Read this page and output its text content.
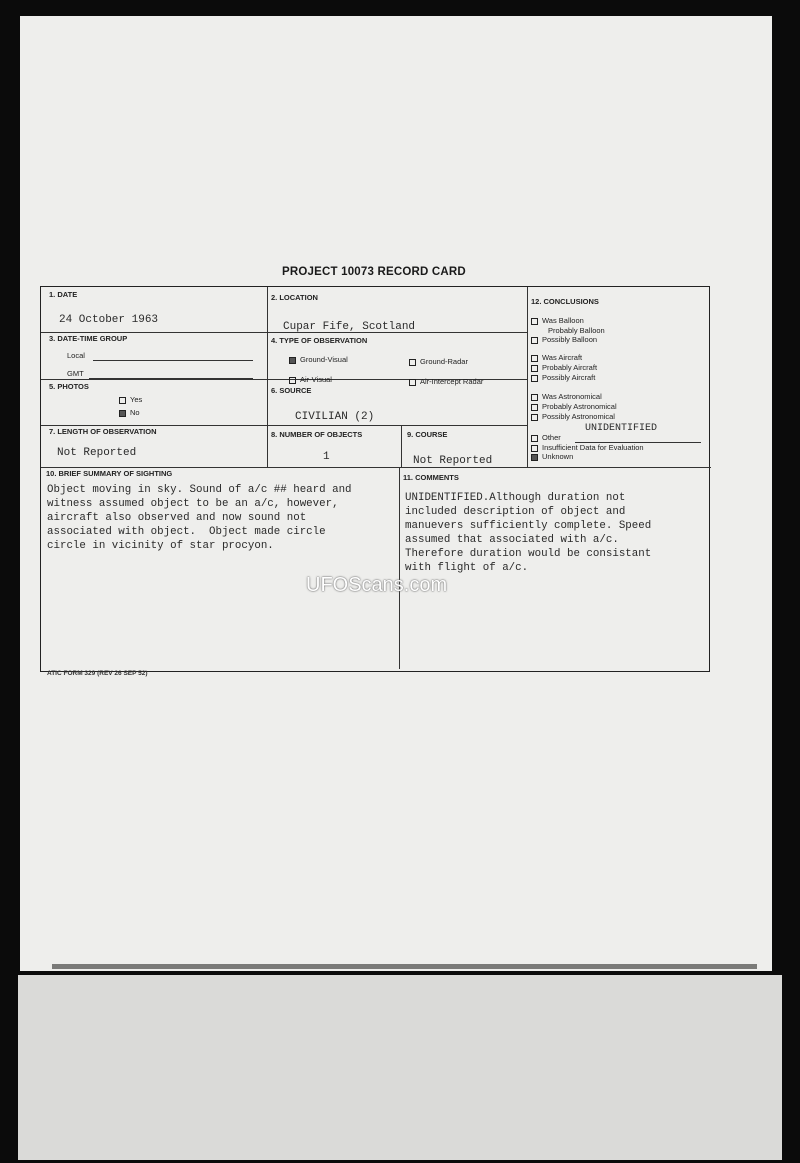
PROJECT 10073 RECORD CARD
1. DATE
24 October 1963
2. LOCATION
Cupar Fife, Scotland
3. DATE-TIME GROUP
Local
GMT
4. TYPE OF OBSERVATION
Ground-Visual	Ground-Radar
Air-Visual	Air-Intercept Radar
5. PHOTOS
Yes
No
6. SOURCE
CIVILIAN (2)
7. LENGTH OF OBSERVATION
Not Reported
8. NUMBER OF OBJECTS
1
9. COURSE
Not Reported
12. CONCLUSIONS
Was Balloon
Probably Balloon
Possibly Balloon
Was Aircraft
Probably Aircraft
Possibly Aircraft
Was Astronomical
Probably Astronomical
Possibly Astronomical
Other
UNIDENTIFIED
Insufficient Data for Evaluation
Unknown
10. BRIEF SUMMARY OF SIGHTING
Object moving in sky. Sound of a/c ## heard and
witness assumed object to be an a/c, however,
aircraft also observed and now sound not
associated with object.  Object made circle
circle in vicinity of star procyon.
11. COMMENTS
UNIDENTIFIED.Although duration not
included description of object and
manuevers sufficiently complete. Speed
assumed that associated with a/c.
Therefore duration would be consistant
with flight of a/c.
ATIC FORM 329 (REV 26 SEP 52)
UFOScans.com
